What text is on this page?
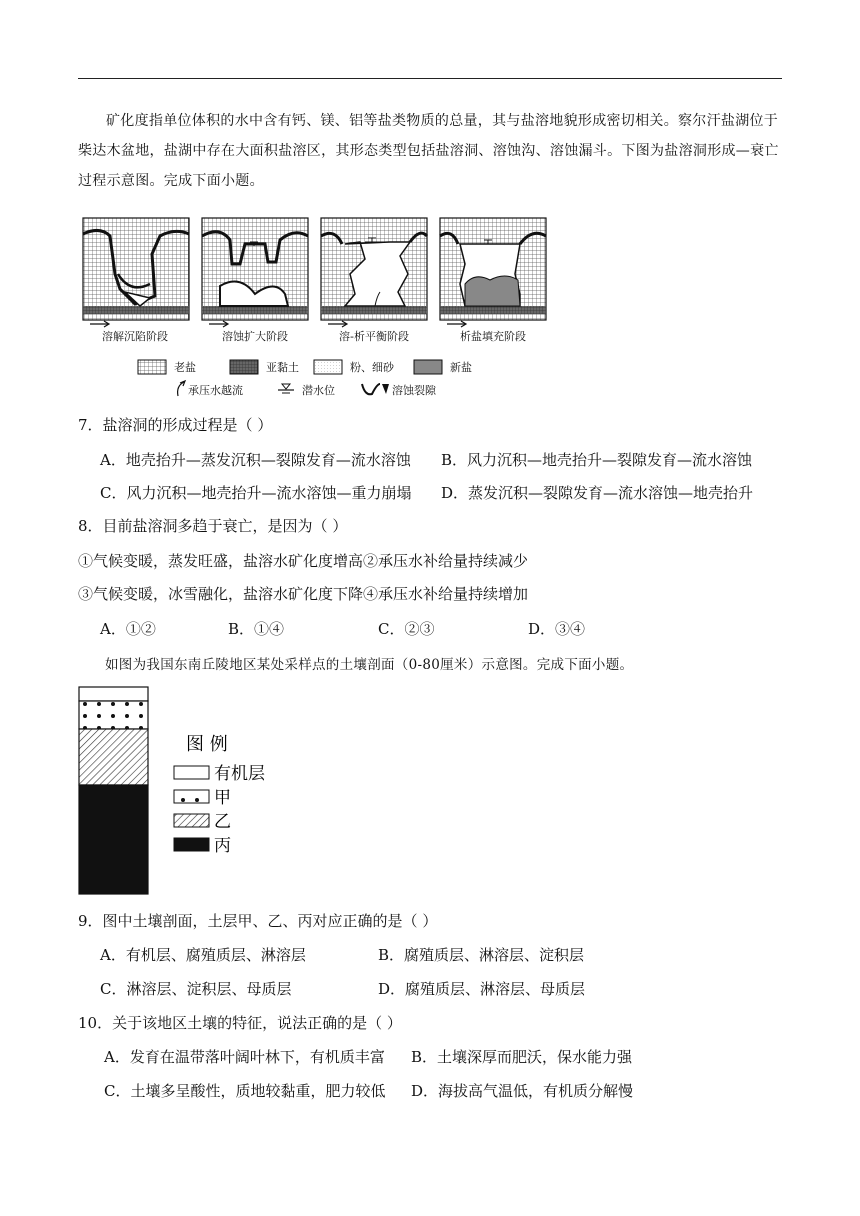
矿化度指单位体积的水中含有钙、镁、铝等盐类物质的总量，其与盐溶地貌形成密切相关。察尔汗盐湖位于柴达木盆地，盐湖中存在大面积盐溶区，其形态类型包括盐溶洞、溶蚀沟、溶蚀漏斗。下图为盐溶洞形成—衰亡过程示意图。完成下面小题。
溶解沉陷阶段	溶蚀扩大阶段	溶-析平衡阶段	析盐填充阶段
老盐	亚黏土	粉、细砂	新盐
承压水越流	潜水位	溶蚀裂隙
7．盐溶洞的形成过程是（ ）
A．地壳抬升—蒸发沉积—裂隙发育—流水溶蚀 B．风力沉积—地壳抬升—裂隙发育—流水溶蚀
C．风力沉积—地壳抬升—流水溶蚀—重力崩塌 D．蒸发沉积—裂隙发育—流水溶蚀—地壳抬升
8．目前盐溶洞多趋于衰亡，是因为（ ）
①气候变暖，蒸发旺盛，盐溶水矿化度增高②承压水补给量持续减少
③气候变暖，冰雪融化，盐溶水矿化度下降④承压水补给量持续增加
A．①②	B．①④	C．②③	D．③④
如图为我国东南丘陵地区某处采样点的土壤剖面（0-80厘米）示意图。完成下面小题。
图 例
有机层
甲
乙
丙
9．图中土壤剖面，土层甲、乙、丙对应正确的是（ ）
A．有机层、腐殖质层、淋溶层	B．腐殖质层、淋溶层、淀积层
C．淋溶层、淀积层、母质层	D．腐殖质层、淋溶层、母质层
10．关于该地区土壤的特征，说法正确的是（ ）
A．发育在温带落叶阔叶林下，有机质丰富 B．土壤深厚而肥沃，保水能力强
C．土壤多呈酸性，质地较黏重，肥力较低 D．海拔高气温低，有机质分解慢
